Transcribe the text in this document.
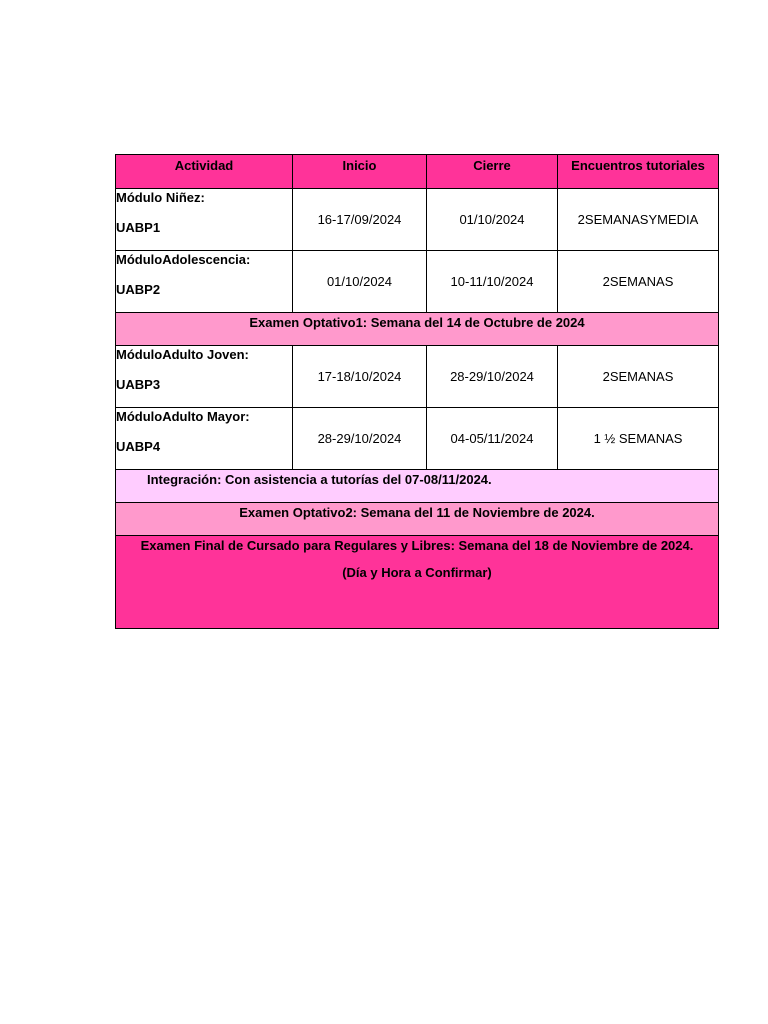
Actividad	Inicio	Cierre	Encuentros tutoriales

Módulo Niñez:
UABP1	16-17/09/2024	01/10/2024	2SEMANASYMEDIA

MóduloAdolescencia:
UABP2	01/10/2024	10-11/10/2024	2SEMANAS
Examen Optativo1: Semana del 14 de Octubre de 2024			

MóduloAdulto Joven:
UABP3	17-18/10/2024	28-29/10/2024	2SEMANAS

MóduloAdulto Mayor:
UABP4	28-29/10/2024	04-05/11/2024	1 ½ SEMANAS
Integración: Con asistencia a tutorías del 07-08/11/2024.			
Examen Optativo2: Semana del 11 de Noviembre de 2024.			

Examen Final de Cursado para Regulares y Libres: Semana del 18 de Noviembre de 2024.
(Día y Hora a Confirmar)			
